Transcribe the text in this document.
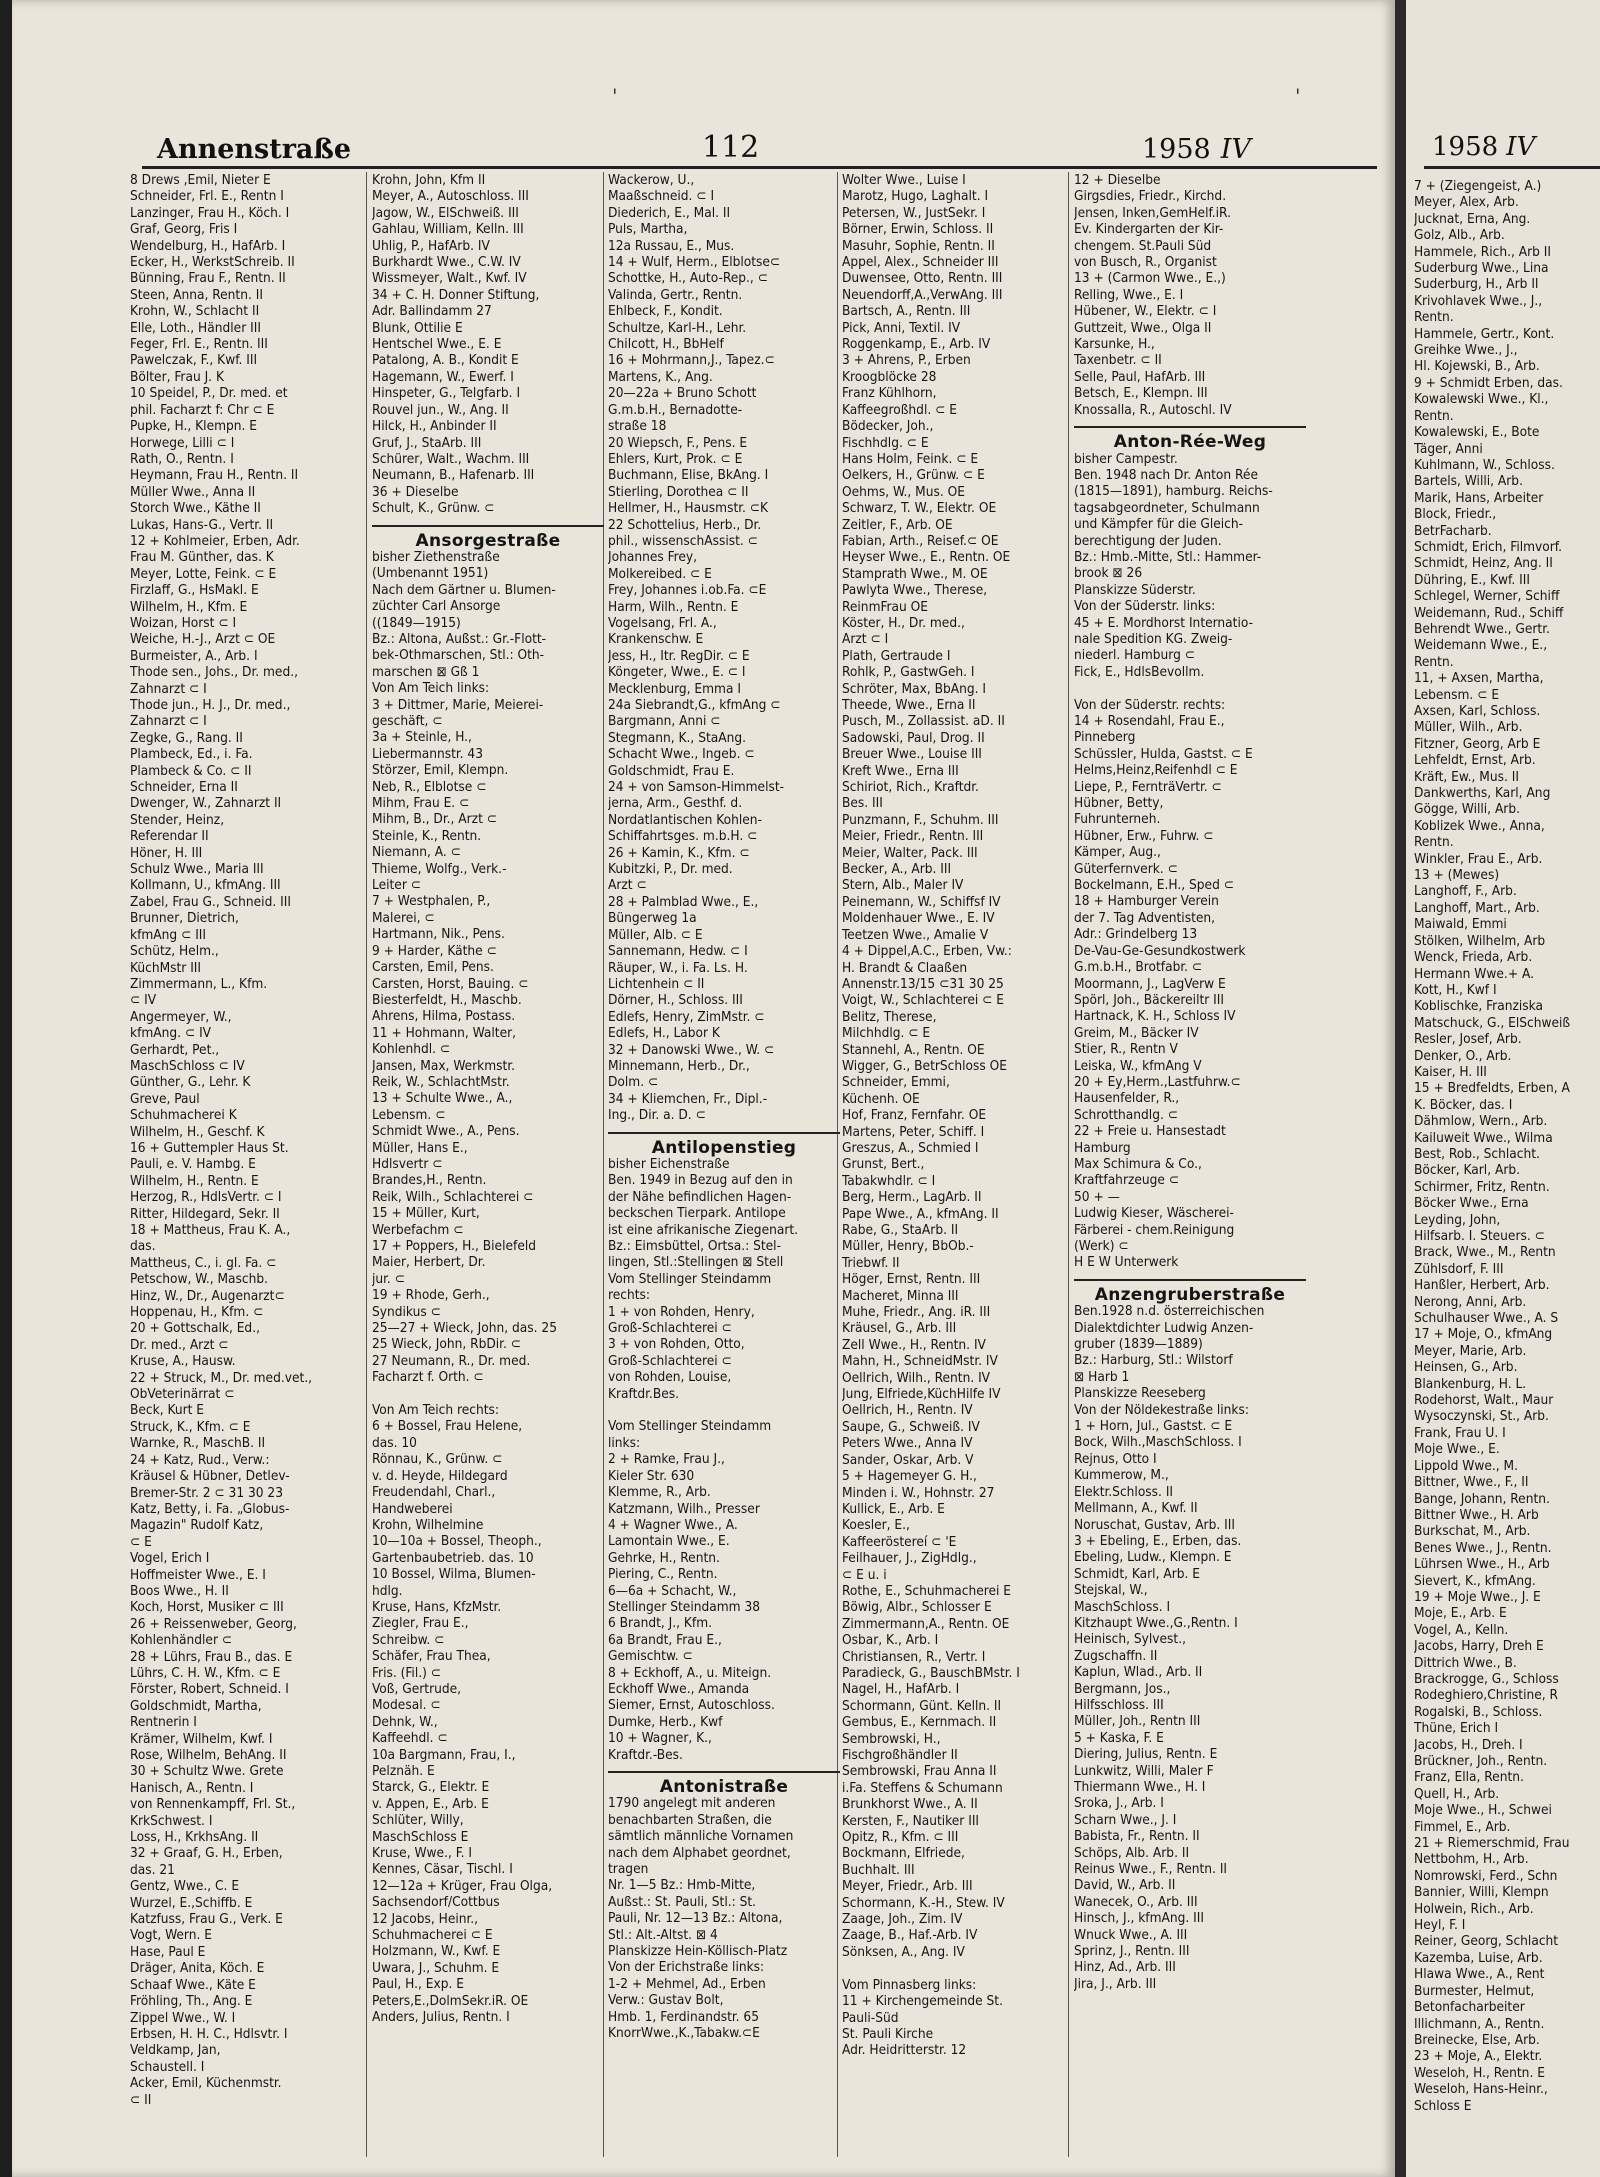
'	'
Annenstraße	112	1958 IV
8 Drews ,Emil, Nieter E
Schneider, Frl. E., Rentn I
Lanzinger, Frau H., Köch. I
Graf, Georg, Fris I
Wendelburg, H., HafArb. I
Ecker, H., WerkstSchreib. II
Bünning, Frau F., Rentn. II
Steen, Anna, Rentn. II
Krohn, W., Schlacht II
Elle, Loth., Händler III
Feger, Frl. E., Rentn. III
Pawelczak, F., Kwf. III
Bölter, Frau J. K
10 Speidel, P., Dr. med. et
phil. Facharzt f: Chr ⊂ E
Pupke, H., Klempn. E
Horwege, Lilli ⊂ I
Rath, O., Rentn. I
Heymann, Frau H., Rentn. II
Müller Wwe., Anna II
Storch Wwe., Käthe II
Lukas, Hans-G., Vertr. II
12 + Kohlmeier, Erben, Adr.
Frau M. Günther, das. K
Meyer, Lotte, Feink. ⊂ E
Firzlaff, G., HsMakl. E
Wilhelm, H., Kfm. E
Woizan, Horst ⊂ I
Weiche, H.-J., Arzt ⊂ OE
Burmeister, A., Arb. I
Thode sen., Johs., Dr. med.,
Zahnarzt ⊂ I
Thode jun., H. J., Dr. med.,
Zahnarzt ⊂ I
Zegke, G., Rang. II
Plambeck, Ed., i. Fa.
Plambeck & Co. ⊂ II
Schneider, Erna II
Dwenger, W., Zahnarzt II
Stender, Heinz,
Referendar II
Höner, H. III
Schulz Wwe., Maria III
Kollmann, U., kfmAng. III
Zabel, Frau G., Schneid. III
Brunner, Dietrich,
kfmAng ⊂ III
Schütz, Helm.,
KüchMstr III
Zimmermann, L., Kfm.
⊂ IV
Angermeyer, W.,
kfmAng. ⊂ IV
Gerhardt, Pet.,
MaschSchloss ⊂ IV
Günther, G., Lehr. K
Greve, Paul
Schuhmacherei K
Wilhelm, H., Geschf. K
16 + Guttempler Haus St.
Pauli, e. V. Hambg. E
Wilhelm, H., Rentn. E
Herzog, R., HdlsVertr. ⊂ I
Ritter, Hildegard, Sekr. II
18 + Mattheus, Frau K. A.,
das.
Mattheus, C., i. gl. Fa. ⊂
Petschow, W., Maschb.
Hinz, W., Dr., Augenarzt⊂
Hoppenau, H., Kfm. ⊂
20 + Gottschalk, Ed.,
Dr. med., Arzt ⊂
Kruse, A., Hausw.
22 + Struck, M., Dr. med.vet.,
ObVeterinärrat ⊂
Beck, Kurt E
Struck, K., Kfm. ⊂ E
Warnke, R., MaschB. II
24 + Katz, Rud., Verw.:
Kräusel & Hübner, Detlev-
Bremer-Str. 2 ⊂ 31 30 23
Katz, Betty, i. Fa. „Globus-
Magazin" Rudolf Katz,
⊂ E
Vogel, Erich I
Hoffmeister Wwe., E. I
Boos Wwe., H. II
Koch, Horst, Musiker ⊂ III
26 + Reissenweber, Georg,
Kohlenhändler ⊂
28 + Lührs, Frau B., das. E
Lührs, C. H. W., Kfm. ⊂ E
Förster, Robert, Schneid. I
Goldschmidt, Martha,
Rentnerin I
Krämer, Wilhelm, Kwf. I
Rose, Wilhelm, BehAng. II
30 + Schultz Wwe. Grete
Hanisch, A., Rentn. I
von Rennenkampff, Frl. St.,
KrkSchwest. I
Loss, H., KrkhsAng. II
32 + Graaf, G. H., Erben,
das. 21
Gentz, Wwe., C. E
Wurzel, E.,Schiffb. E
Katzfuss, Frau G., Verk. E
Vogt, Wern. E
Hase, Paul E
Dräger, Anita, Köch. E
Schaaf Wwe., Käte E
Fröhling, Th., Ang. E
Zippel Wwe., W. I
Erbsen, H. H. C., Hdlsvtr. I
Veldkamp, Jan,
Schaustell. I
Acker, Emil, Küchenmstr.
⊂ II
Krohn, John, Kfm II
Meyer, A., Autoschloss. III
Jagow, W., ElSchweiß. III
Gahlau, William, Kelln. III
Uhlig, P., HafArb. IV
Burkhardt Wwe., C.W. IV
Wissmeyer, Walt., Kwf. IV
34 + C. H. Donner Stiftung,
Adr. Ballindamm 27
Blunk, Ottilie E
Hentschel Wwe., E. E
Patalong, A. B., Kondit E
Hagemann, W., Ewerf. I
Hinspeter, G., Telgfarb. I
Rouvel jun., W., Ang. II
Hilck, H., Anbinder II
Gruf, J., StaArb. III
Schürer, Walt., Wachm. III
Neumann, B., Hafenarb. III
36 + Dieselbe
Schult, K., Grünw. ⊂
Ansorgestraße
bisher Ziethenstraße
(Umbenannt 1951)
Nach dem Gärtner u. Blumen-
züchter Carl Ansorge
((1849—1915)
Bz.: Altona, Außst.: Gr.-Flott-
bek-Othmarschen, Stl.: Oth-
marschen ⊠ Gß 1
Von Am Teich links:
3 + Dittmer, Marie, Meierei-
geschäft, ⊂
3a + Steinle, H.,
Liebermannstr. 43
Störzer, Emil, Klempn.
Neb, R., Elblotse ⊂
Mihm, Frau E. ⊂
Mihm, B., Dr., Arzt ⊂
Steinle, K., Rentn.
Niemann, A. ⊂
Thieme, Wolfg., Verk.-
Leiter ⊂
7 + Westphalen, P.,
Malerei, ⊂
Hartmann, Nik., Pens.
9 + Harder, Käthe ⊂
Carsten, Emil, Pens.
Carsten, Horst, Bauing. ⊂
Biesterfeldt, H., Maschb.
Ahrens, Hilma, Postass.
11 + Hohmann, Walter,
Kohlenhdl. ⊂
Jansen, Max, Werkmstr.
Reik, W., SchlachtMstr.
13 + Schulte Wwe., A.,
Lebensm. ⊂
Schmidt Wwe., A., Pens.
Müller, Hans E.,
Hdlsvertr ⊂
Brandes,H., Rentn.
Reik, Wilh., Schlachterei ⊂
15 + Müller, Kurt,
Werbefachm ⊂
17 + Poppers, H., Bielefeld
Maier, Herbert, Dr.
jur. ⊂
19 + Rhode, Gerh.,
Syndikus ⊂
25—27 + Wieck, John, das. 25
25 Wieck, John, RbDir. ⊂
27 Neumann, R., Dr. med.
Facharzt f. Orth. ⊂

Von Am Teich rechts:
6 + Bossel, Frau Helene,
das. 10
Rönnau, K., Grünw. ⊂
v. d. Heyde, Hildegard
Freudendahl, Charl.,
Handweberei
Krohn, Wilhelmine
10—10a + Bossel, Theoph.,
Gartenbaubetrieb. das. 10
10 Bossel, Wilma, Blumen-
hdlg.
Kruse, Hans, KfzMstr.
Ziegler, Frau E.,
Schreibw. ⊂
Schäfer, Frau Thea,
Fris. (Fil.) ⊂
Voß, Gertrude,
Modesal. ⊂
Dehnk, W.,
Kaffeehdl. ⊂
10a Bargmann, Frau, I.,
Pelznäh. E
Starck, G., Elektr. E
v. Appen, E., Arb. E
Schlüter, Willy,
MaschSchloss E
Kruse, Wwe., F. I
Kennes, Cäsar, Tischl. I
12—12a + Krüger, Frau Olga,
Sachsendorf/Cottbus
12 Jacobs, Heinr.,
Schuhmacherei ⊂ E
Holzmann, W., Kwf. E
Uwara, J., Schuhm. E
Paul, H., Exp. E
Peters,E.,DolmSekr.iR. OE
Anders, Julius, Rentn. I
Wackerow, U.,
Maaßschneid. ⊂ I
Diederich, E., Mal. II
Puls, Martha,
12a Russau, E., Mus.
14 + Wulf, Herm., Elblotse⊂
Schottke, H., Auto-Rep., ⊂
Valinda, Gertr., Rentn.
Ehlbeck, F., Kondit.
Schultze, Karl-H., Lehr.
Chilcott, H., BbHelf
16 + Mohrmann,J., Tapez.⊂
Martens, K., Ang.
20—22a + Bruno Schott
G.m.b.H., Bernadotte-
straße 18
20 Wiepsch, F., Pens. E
Ehlers, Kurt, Prok. ⊂ E
Buchmann, Elise, BkAng. I
Stierling, Dorothea ⊂ II
Hellmer, H., Hausmstr. ⊂K
22 Schottelius, Herb., Dr.
phil., wissenschAssist. ⊂
Johannes Frey,
Molkereibed. ⊂ E
Frey, Johannes i.ob.Fa. ⊂E
Harm, Wilh., Rentn. E
Vogelsang, Frl. A.,
Krankenschw. E
Jess, H., Itr. RegDir. ⊂ E
Köngeter, Wwe., E. ⊂ I
Mecklenburg, Emma I
24a Siebrandt,G., kfmAng ⊂
Bargmann, Anni ⊂
Stegmann, K., StaAng.
Schacht Wwe., Ingeb. ⊂
Goldschmidt, Frau E.
24 + von Samson-Himmelst-
jerna, Arm., Gesthf. d.
Nordatlantischen Kohlen-
Schiffahrtsges. m.b.H. ⊂
26 + Kamin, K., Kfm. ⊂
Kubitzki, P., Dr. med.
Arzt ⊂
28 + Palmblad Wwe., E.,
Büngerweg 1a
Müller, Alb. ⊂ E
Sannemann, Hedw. ⊂ I
Räuper, W., i. Fa. Ls. H.
Lichtenhein ⊂ II
Dörner, H., Schloss. III
Edlefs, Henry, ZimMstr. ⊂
Edlefs, H., Labor K
32 + Danowski Wwe., W. ⊂
Minnemann, Herb., Dr.,
Dolm. ⊂
34 + Kliemchen, Fr., Dipl.-
Ing., Dir. a. D. ⊂
Antilopenstieg
bisher Eichenstraße
Ben. 1949 in Bezug auf den in
der Nähe befindlichen Hagen-
beckschen Tierpark. Antilope
ist eine afrikanische Ziegenart.
Bz.: Eimsbüttel, Ortsa.: Stel-
lingen, Stl.:Stellingen ⊠ Stell
Vom Stellinger Steindamm
rechts:
1 + von Rohden, Henry,
Groß-Schlachterei ⊂
3 + von Rohden, Otto,
Groß-Schlachterei ⊂
von Rohden, Louise,
Kraftdr.Bes.

Vom Stellinger Steindamm
links:
2 + Ramke, Frau J.,
Kieler Str. 630
Klemme, R., Arb.
Katzmann, Wilh., Presser
4 + Wagner Wwe., A.
Lamontain Wwe., E.
Gehrke, H., Rentn.
Piering, C., Rentn.
6—6a + Schacht, W.,
Stellinger Steindamm 38
6 Brandt, J., Kfm.
6a Brandt, Frau E.,
Gemischtw. ⊂
8 + Eckhoff, A., u. Miteign.
Eckhoff Wwe., Amanda
Siemer, Ernst, Autoschloss.
Dumke, Herb., Kwf
10 + Wagner, K.,
Kraftdr.-Bes.
Antonistraße
1790 angelegt mit anderen
benachbarten Straßen, die
sämtlich männliche Vornamen
nach dem Alphabet geordnet,
tragen
Nr. 1—5 Bz.: Hmb-Mitte,
Außst.: St. Pauli, Stl.: St.
Pauli, Nr. 12—13 Bz.: Altona,
Stl.: Alt.-Altst. ⊠ 4
Planskizze Hein-Köllisch-Platz
Von der Erichstraße links:
1-2 + Mehmel, Ad., Erben
Verw.: Gustav Bolt,
Hmb. 1, Ferdinandstr. 65
KnorrWwe.,K.,Tabakw.⊂E
Wolter Wwe., Luise I
Marotz, Hugo, Laghalt. I
Petersen, W., JustSekr. I
Börner, Erwin, Schloss. II
Masuhr, Sophie, Rentn. II
Appel, Alex., Schneider III
Duwensee, Otto, Rentn. III
Neuendorff,A.,VerwAng. III
Bartsch, A., Rentn. III
Pick, Anni, Textil. IV
Roggenkamp, E., Arb. IV
3 + Ahrens, P., Erben
Kroogblöcke 28
Franz Kühlhorn,
Kaffeegroßhdl. ⊂ E
Bödecker, Joh.,
Fischhdlg. ⊂ E
Hans Holm, Feink. ⊂ E
Oelkers, H., Grünw. ⊂ E
Oehms, W., Mus. OE
Schwarz, T. W., Elektr. OE
Zeitler, F., Arb. OE
Fabian, Arth., Reisef.⊂ OE
Heyser Wwe., E., Rentn. OE
Stamprath Wwe., M. OE
Pawlyta Wwe., Therese,
ReinmFrau OE
Köster, H., Dr. med.,
Arzt ⊂ I
Plath, Gertraude I
Rohlk, P., GastwGeh. I
Schröter, Max, BbAng. I
Theede, Wwe., Erna II
Pusch, M., Zollassist. aD. II
Sadowski, Paul, Drog. II
Breuer Wwe., Louise III
Kreft Wwe., Erna III
Schiriot, Rich., Kraftdr.
Bes. III
Punzmann, F., Schuhm. III
Meier, Friedr., Rentn. III
Meier, Walter, Pack. III
Becker, A., Arb. III
Stern, Alb., Maler IV
Peinemann, W., Schiffsf IV
Moldenhauer Wwe., E. IV
Teetzen Wwe., Amalie V
4 + Dippel,A.C., Erben, Vw.:
H. Brandt & Claaßen
Annenstr.13/15 ⊂31 30 25
Voigt, W., Schlachterei ⊂ E
Belitz, Therese,
Milchhdlg. ⊂ E
Stannehl, A., Rentn. OE
Wigger, G., BetrSchloss OE
Schneider, Emmi,
Küchenh. OE
Hof, Franz, Fernfahr. OE
Martens, Peter, Schiff. I
Greszus, A., Schmied I
Grunst, Bert.,
Tabakwhdlr. ⊂ I
Berg, Herm., LagArb. II
Pape Wwe., A., kfmAng. II
Rabe, G., StaArb. II
Müller, Henry, BbOb.-
Triebwf. II
Höger, Ernst, Rentn. III
Macheret, Minna III
Muhe, Friedr., Ang. iR. III
Kräusel, G., Arb. III
Zell Wwe., H., Rentn. IV
Mahn, H., SchneidMstr. IV
Oellrich, Wilh., Rentn. IV
Jung, Elfriede,KüchHilfe IV
Oellrich, H., Rentn. IV
Saupe, G., Schweiß. IV
Peters Wwe., Anna IV
Sander, Oskar, Arb. V
5 + Hagemeyer G. H.,
Minden i. W., Hohnstr. 27
Kullick, E., Arb. E
Koesler, E.,
Kaffeeröstereí ⊂ 'E
Feilhauer, J., ZigHdlg.,
⊂ E u. i
Rothe, E., Schuhmacherei E
Böwig, Albr., Schlosser E
Zimmermann,A., Rentn. OE
Osbar, K., Arb. I
Christiansen, R., Vertr. I
Paradieck, G., BauschBMstr. I
Nagel, H., HafArb. I
Schormann, Günt. Kelln. II
Gembus, E., Kernmach. II
Sembrowski, H.,
Fischgroßhändler II
Sembrowski, Frau Anna II
i.Fa. Steffens & Schumann
Brunkhorst Wwe., A. II
Kersten, F., Nautiker III
Opitz, R., Kfm. ⊂ III
Bockmann, Elfriede,
Buchhalt. III
Meyer, Friedr., Arb. III
Schormann, K.-H., Stew. IV
Zaage, Joh., Zim. IV
Zaage, B., Haf.-Arb. IV
Sönksen, A., Ang. IV

Vom Pinnasberg links:
11 + Kirchengemeinde St.
Pauli-Süd
St. Pauli Kirche
Adr. Heidritterstr. 12
12 + Dieselbe
Girgsdies, Friedr., Kirchd.
Jensen, Inken,GemHelf.iR.
Ev. Kindergarten der Kir-
chengem. St.Pauli Süd
von Busch, R., Organist
13 + (Carmon Wwe., E.,)
Relling, Wwe., E. I
Hübener, W., Elektr. ⊂ I
Guttzeit, Wwe., Olga II
Karsunke, H.,
Taxenbetr. ⊂ II
Selle, Paul, HafArb. III
Betsch, E., Klempn. III
Knossalla, R., Autoschl. IV
Anton-Rée-Weg
bisher Campestr.
Ben. 1948 nach Dr. Anton Rée
(1815—1891), hamburg. Reichs-
tagsabgeordneter, Schulmann
und Kämpfer für die Gleich-
berechtigung der Juden.
Bz.: Hmb.-Mitte, Stl.: Hammer-
brook ⊠ 26
Planskizze Süderstr.
Von der Süderstr. links:
45 + E. Mordhorst Internatio-
nale Spedition KG. Zweig-
niederl. Hamburg ⊂
Fick, E., HdlsBevollm.

Von der Süderstr. rechts:
14 + Rosendahl, Frau E.,
Pinneberg
Schüssler, Hulda, Gastst. ⊂ E
Helms,Heinz,Reifenhdl ⊂ E
Liepe, P., FernträVertr. ⊂
Hübner, Betty,
Fuhrunterneh.
Hübner, Erw., Fuhrw. ⊂
Kämper, Aug.,
Güterfernverk. ⊂
Bockelmann, E.H., Sped ⊂
18 + Hamburger Verein
der 7. Tag Adventisten,
Adr.: Grindelberg 13
De-Vau-Ge-Gesundkostwerk
G.m.b.H., Brotfabr. ⊂
Moormann, J., LagVerw E
Spörl, Joh., Bäckereiltr III
Hartnack, K. H., Schloss IV
Greim, M., Bäcker IV
Stier, R., Rentn V
Leiska, W., kfmAng V
20 + Ey,Herm.,Lastfuhrw.⊂
Hausenfelder, R.,
Schrotthandlg. ⊂
22 + Freie u. Hansestadt
Hamburg
Max Schimura & Co.,
Kraftfahrzeuge ⊂
50 + —
Ludwig Kieser, Wäscherei-
Färberei - chem.Reinigung
(Werk) ⊂
H E W Unterwerk
Anzengruberstraße
Ben.1928 n.d. österreichischen
Dialektdichter Ludwig Anzen-
gruber (1839—1889)
Bz.: Harburg, Stl.: Wilstorf
⊠ Harb 1
Planskizze Reeseberg
Von der Nöldekestraße links:
1 + Horn, Jul., Gastst. ⊂ E
Bock, Wilh.,MaschSchloss. I
Rejnus, Otto I
Kummerow, M.,
Elektr.Schloss. II
Mellmann, A., Kwf. II
Noruschat, Gustav, Arb. III
3 + Ebeling, E., Erben, das.
Ebeling, Ludw., Klempn. E
Schmidt, Karl, Arb. E
Stejskal, W.,
MaschSchloss. I
Kitzhaupt Wwe.,G.,Rentn. I
Heinisch, Sylvest.,
Zugschaffn. II
Kaplun, Wlad., Arb. II
Bergmann, Jos.,
Hilfsschloss. III
Müller, Joh., Rentn III
5 + Kaska, F. E
Diering, Julius, Rentn. E
Lunkwitz, Willi, Maler F
Thiermann Wwe., H. I
Sroka, J., Arb. I
Scharn Wwe., J. I
Babista, Fr., Rentn. II
Schöps, Alb. Arb. II
Reinus Wwe., F., Rentn. II
David, W., Arb. II
Wanecek, O., Arb. III
Hinsch, J., kfmAng. III
Wnuck Wwe., A. III
Sprinz, J., Rentn. III
Hinz, Ad., Arb. III
Jira, J., Arb. III
1958 IV
7 + (Ziegengeist, A.)
Meyer, Alex, Arb.
Jucknat, Erna, Ang.
Golz, Alb., Arb.
Hammele, Rich., Arb II
Suderburg Wwe., Lina
Suderburg, H., Arb II
Krivohlavek Wwe., J.,
Rentn.
Hammele, Gertr., Kont.
Greihke Wwe., J.,
Hl. Kojewski, B., Arb.
9 + Schmidt Erben, das.
Kowalewski Wwe., Kl.,
Rentn.
Kowalewski, E., Bote
Täger, Anni
Kuhlmann, W., Schloss.
Bartels, Willi, Arb.
Marik, Hans, Arbeiter
Block, Friedr.,
BetrFacharb.
Schmidt, Erich, Filmvorf.
Schmidt, Heinz, Ang. II
Dühring, E., Kwf. III
Schlegel, Werner, Schiff
Weidemann, Rud., Schiff
Behrendt Wwe., Gertr.
Weidemann Wwe., E.,
Rentn.
11, + Axsen, Martha,
Lebensm. ⊂ E
Axsen, Karl, Schloss.
Müller, Wilh., Arb.
Fitzner, Georg, Arb E
Lehfeldt, Ernst, Arb.
Kräft, Ew., Mus. II
Dankwerths, Karl, Ang
Gögge, Willi, Arb.
Koblizek Wwe., Anna,
Rentn.
Winkler, Frau E., Arb.
13 + (Mewes)
Langhoff, F., Arb.
Langhoff, Mart., Arb.
Maiwald, Emmi
Stölken, Wilhelm, Arb
Wenck, Frieda, Arb.
Hermann Wwe.+ A.
Kott, H., Kwf I
Koblischke, Franziska
Matschuck, G., ElSchweiß
Resler, Josef, Arb.
Denker, O., Arb.
Kaiser, H. III
15 + Bredfeldts, Erben, A
K. Böcker, das. I
Dähmlow, Wern., Arb.
Kailuweit Wwe., Wilma
Best, Rob., Schlacht.
Böcker, Karl, Arb.
Schirmer, Fritz, Rentn.
Böcker Wwe., Erna
Leyding, John,
Hilfsarb. I. Steuers. ⊂
Brack, Wwe., M., Rentn
Zühlsdorf, F. III
Hanßler, Herbert, Arb.
Nerong, Anni, Arb.
Schulhauser Wwe., A. S
17 + Moje, O., kfmAng
Meyer, Marie, Arb.
Heinsen, G., Arb.
Blankenburg, H. L.
Rodehorst, Walt., Maur
Wysoczynski, St., Arb.
Frank, Frau U. I
Moje Wwe., E.
Lippold Wwe., M.
Bittner, Wwe., F., II
Bange, Johann, Rentn.
Bittner Wwe., H. Arb
Burkschat, M., Arb.
Benes Wwe., J., Rentn.
Lührsen Wwe., H., Arb
Sievert, K., kfmAng.
19 + Moje Wwe., J. E
Moje, E., Arb. E
Vogel, A., Kelln.
Jacobs, Harry, Dreh E
Dittrich Wwe., B.
Brackrogge, G., Schloss
Rodeghiero,Christine, R
Rogalski, B., Schloss.
Thüne, Erich I
Jacobs, H., Dreh. I
Brückner, Joh., Rentn.
Franz, Ella, Rentn.
Quell, H., Arb.
Moje Wwe., H., Schwei
Fimmel, E., Arb.
21 + Riemerschmid, Frau
Nettbohm, H., Arb.
Nomrowski, Ferd., Schn
Bannier, Willi, Klempn
Holwein, Rich., Arb.
Heyl, F. I
Reiner, Georg, Schlacht
Kazemba, Luise, Arb.
Hlawa Wwe., A., Rent
Burmester, Helmut,
Betonfacharbeiter
Illichmann, A., Rentn.
Breinecke, Else, Arb.
23 + Moje, A., Elektr.
Weseloh, H., Rentn. E
Weseloh, Hans-Heinr.,
Schloss E
